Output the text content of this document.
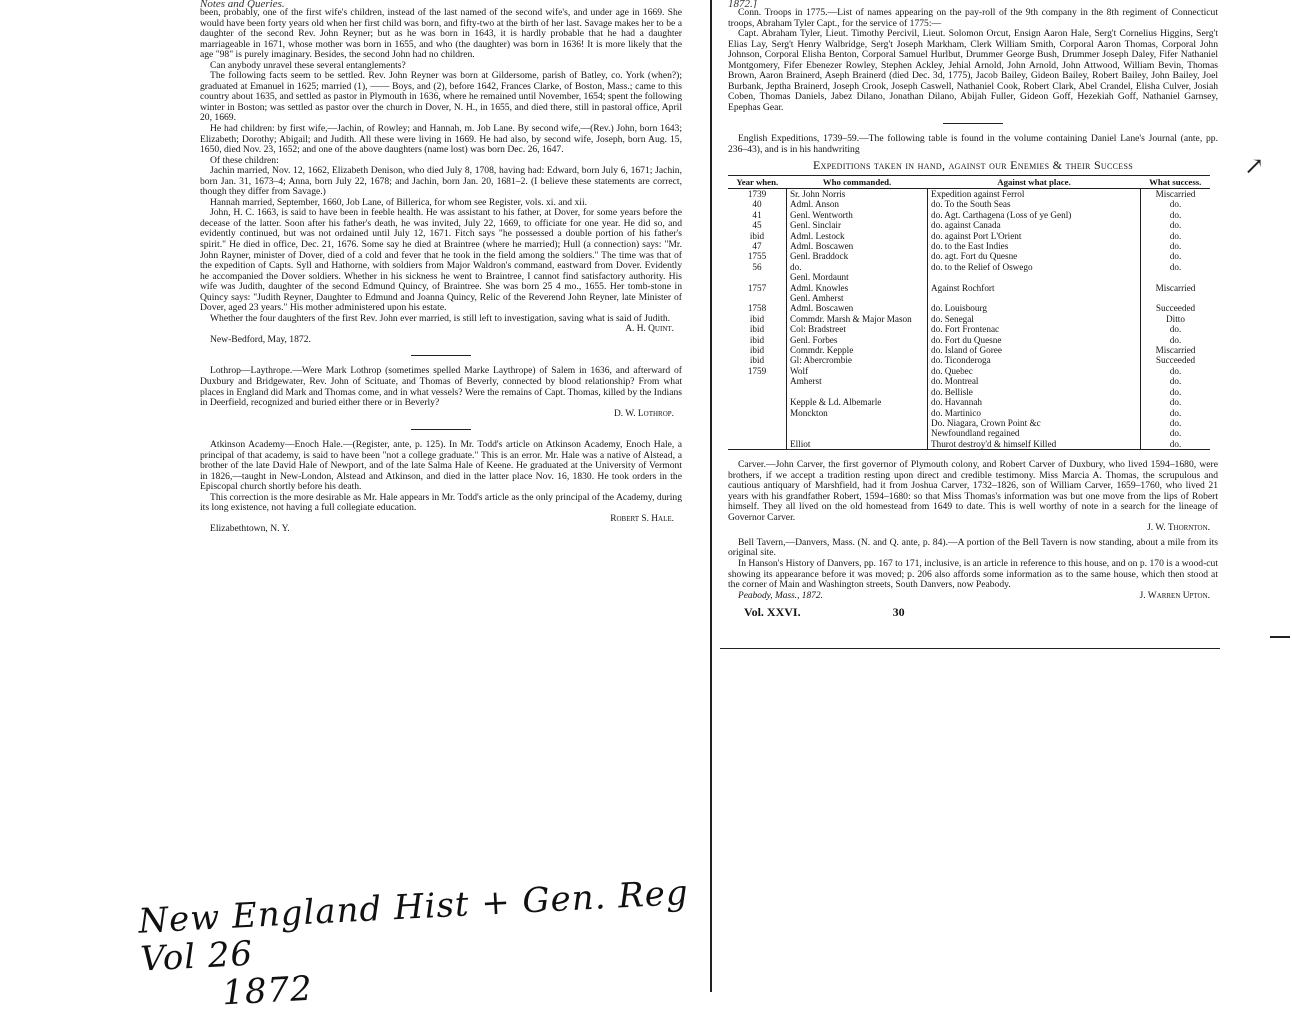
Notes and Queries.

been, probably, one of the first wife's children, instead of the last named of the second wife's, and under age in 1669. She would have been forty years old when her first child was born, and fifty-two at the birth of her last. Savage makes her to be a daughter of the second Rev. John Reyner; but as he was born in 1643, it is hardly probable that he had a daughter marriageable in 1671, whose mother was born in 1655, and who (the daughter) was born in 1636! It is more likely that the age "98" is purely imaginary. Besides, the second John had no children.

Can anybody unravel these several entanglements?

The following facts seem to be settled. Rev. John Reyner was born at Gildersome, parish of Batley, co. York (when?); graduated at Emanuel in 1625; married (1), —— Boys, and (2), before 1642, Frances Clarke, of Boston, Mass.; came to this country about 1635, and settled as pastor in Plymouth in 1636, where he remained until November, 1654; spent the following winter in Boston; was settled as pastor over the church in Dover, N. H., in 1655, and died there, still in pastoral office, April 20, 1669.

He had children: by first wife,—Jachin, of Rowley; and Hannah, m. Job Lane. By second wife,—(Rev.) John, born 1643; Elizabeth; Dorothy; Abigail; and Judith. All these were living in 1669. He had also, by second wife, Joseph, born Aug. 15, 1650, died Nov. 23, 1652; and one of the above daughters (name lost) was born Dec. 26, 1647.

Of these children:

Jachin married, Nov. 12, 1662, Elizabeth Denison, who died July 8, 1708, having had: Edward, born July 6, 1671; Jachin, born Jan. 31, 1673–4; Anna, born July 22, 1678; and Jachin, born Jan. 20, 1681–2. (I believe these statements are correct, though they differ from Savage.)

Hannah married, September, 1660, Job Lane, of Billerica, for whom see Register, vols. xi. and xii.

John, H. C. 1663, is said to have been in feeble health. He was assistant to his father, at Dover, for some years before the decease of the latter. Soon after his father's death, he was invited, July 22, 1669, to officiate for one year. He did so, and evidently continued, but was not ordained until July 12, 1671. Fitch says "he possessed a double portion of his father's spirit." He died in office, Dec. 21, 1676. Some say he died at Braintree (where he married); Hull (a connection) says: "Mr. John Rayner, minister of Dover, died of a cold and fever that he took in the field among the soldiers." The time was that of the expedition of Capts. Syll and Hathorne, with soldiers from Major Waldron's command, eastward from Dover. Evidently he accompanied the Dover soldiers. Whether in his sickness he went to Braintree, I cannot find satisfactory authority. His wife was Judith, daughter of the second Edmund Quincy, of Braintree. She was born 25 4 mo., 1655. Her tomb-stone in Quincy says: "Judith Reyner, Daughter to Edmund and Joanna Quincy, Relic of the Reverend John Reyner, late Minister of Dover, aged 23 years." His mother administered upon his estate.

Whether the four daughters of the first Rev. John ever married, is still left to investigation, saving what is said of Judith.

A. H. Quint.
New-Bedford, May, 1872.

Lothrop—Laythrope.—Were Mark Lothrop (sometimes spelled Marke Laythrope) of Salem in 1636, and afterward of Duxbury and Bridgewater, Rev. John of Scituate, and Thomas of Beverly, connected by blood relationship? From what places in England did Mark and Thomas come, and in what vessels? Were the remains of Capt. Thomas, killed by the Indians in Deerfield, recognized and buried either there or in Beverly?

D. W. Lothrop.

Atkinson Academy—Enoch Hale.—(Register, ante, p. 125). In Mr. Todd's article on Atkinson Academy, Enoch Hale, a principal of that academy, is said to have been "not a college graduate." This is an error. Mr. Hale was a native of Alstead, a brother of the late David Hale of Newport, and of the late Salma Hale of Keene. He graduated at the University of Vermont in 1826,—taught in New-London, Alstead and Atkinson, and died in the latter place Nov. 16, 1830. He took orders in the Episcopal church shortly before his death.

This correction is the more desirable as Mr. Hale appears in Mr. Todd's article as the only principal of the Academy, during its long existence, not having a full collegiate education.

Robert S. Hale.
Elizabethtown, N. Y.
New England Hist + Gen. Reg Vol 26
1872
1872.]

Conn. Troops in 1775.—List of names appearing on the pay-roll of the 9th company in the 8th regiment of Connecticut troops, Abraham Tyler Capt., for the service of 1775:—

Capt. Abraham Tyler, Lieut. Timothy Percivil, Lieut. Solomon Orcut, Ensign Aaron Hale, Serg't Cornelius Higgins, Serg't Elias Lay, Serg't Henry Walbridge, Serg't Joseph Markham, Clerk William Smith, Corporal Aaron Thomas, Corporal John Johnson, Corporal Elisha Benton, Corporal Samuel Hurlbut, Drummer George Bush, Drummer Joseph Daley, Fifer Nathaniel Montgomery, Fifer Ebenezer Rowley, Stephen Ackley, Jehial Arnold, John Arnold, John Attwood, William Bevin, Thomas Brown, Aaron Brainerd, Aseph Brainerd (died Dec. 3d, 1775), Jacob Bailey, Gideon Bailey, Robert Bailey, John Bailey, Joel Burbank, Jeptha Brainerd, Joseph Crook, Joseph Caswell, Nathaniel Cook, Robert Clark, Abel Crandel, Elisha Culver, Josiah Coben, Thomas Daniels, Jabez Dilano, Jonathan Dilano, Abijah Fuller, Gideon Goff, Hezekiah Goff, Nathaniel Garnsey, Epephas Gear.

English Expeditions, 1739–59.—The following table is found in the volume containing Daniel Lane's Journal (ante, pp. 236–43), and is in his handwriting

Expeditions taken in hand, against our Enemies & their Success
Year when.	Who commanded.	Against what place.	What success.
1739	Sr. John Norris	Expedition against Ferrol	Miscarried
40	Adml. Anson	do. To the South Seas	do.
41	Genl. Wentworth	do. Agt. Carthagena (Loss of ye Genl)	do.
45	Genl. Sinclair	do. against Canada	do.
ibid	Adml. Lestock	do. against Port L'Orient	do.
47	Adml. Boscawen	do. to the East Indies	do.
1755	Genl. Braddock	do. agt. Fort du Quesne	do.
56	do.	do. to the Relief of Oswego	do.
	Genl. Mordaunt		
1757	Adml. Knowles	Against Rochfort	Miscarried
	Genl. Amherst		
1758	Adml. Boscawen	do. Louisbourg	Succeeded
ibid	Commdr. Marsh & Major Mason	do. Senegal	Ditto
ibid	Col: Bradstreet	do. Fort Frontenac	do.
ibid	Genl. Forbes	do. Fort du Quesne	do.
ibid	Commdr. Kepple	do. Island of Goree	Miscarried
ibid	Gl: Abercrombie	do. Ticonderoga	Succeeded
1759	Wolf	do. Quebec	do.
	Amherst	do. Montreal	do.
		do. Bellisle	do.
	Kepple & Ld. Albemarle	do. Havannah	do.
	Monckton	do. Martinico	do.
		Do. Niagara, Crown Point &c	do.
		Newfoundland regained	do.
	Elliot	Thurot destroy'd & himself Killed	do.

Carver.—John Carver, the first governor of Plymouth colony, and Robert Carver of Duxbury, who lived 1594–1680, were brothers, if we accept a tradition resting upon direct and credible testimony. Miss Marcia A. Thomas, the scrupulous and cautious antiquary of Marshfield, had it from Joshua Carver, 1732–1826, son of William Carver, 1659–1760, who lived 21 years with his grandfather Robert, 1594–1680: so that Miss Thomas's information was but one move from the lips of Robert himself. They all lived on the old homestead from 1649 to date. This is well worthy of note in a search for the lineage of Governor Carver.

J. W. Thornton.

Bell Tavern,—Danvers, Mass. (N. and Q. ante, p. 84).—A portion of the Bell Tavern is now standing, about a mile from its original site.

In Hanson's History of Danvers, pp. 167 to 171, inclusive, is an article in reference to this house, and on p. 170 is a wood-cut showing its appearance before it was moved; p. 206 also affords some information as to the same house, which then stood at the corner of Main and Washington streets, South Danvers, now Peabody.

Peabody, Mass., 1872.	J. Warren Upton.
Vol. XXVI.	30
↗
